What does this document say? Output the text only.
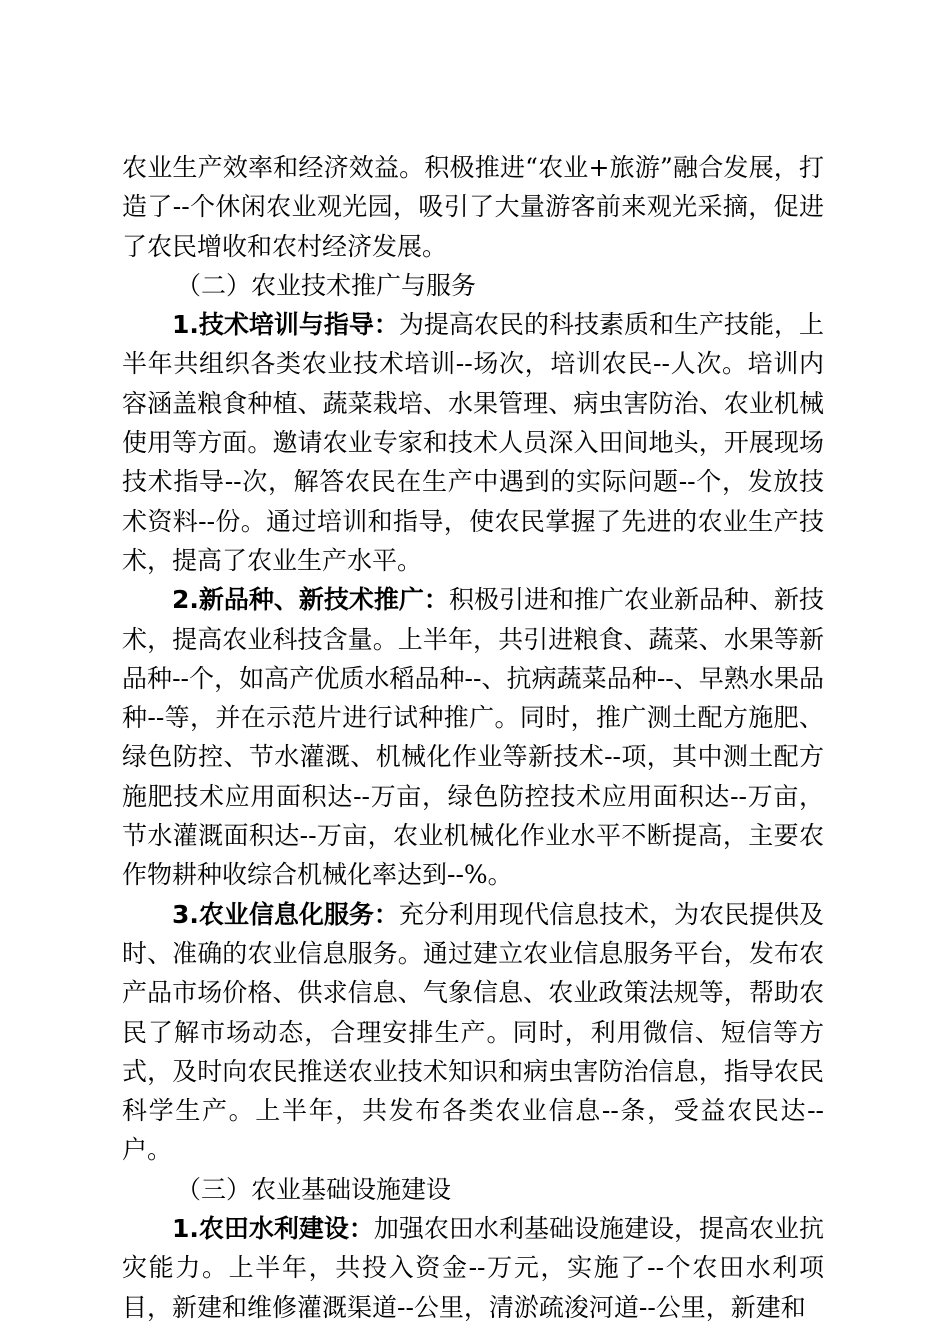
农业生产效率和经济效益。积极推进“农业+旅游”融合发展，打造了--个休闲农业观光园，吸引了大量游客前来观光采摘，促进了农民增收和农村经济发展。

（二）农业技术推广与服务

1.技术培训与指导：为提高农民的科技素质和生产技能，上半年共组织各类农业技术培训--场次，培训农民--人次。培训内容涵盖粮食种植、蔬菜栽培、水果管理、病虫害防治、农业机械使用等方面。邀请农业专家和技术人员深入田间地头，开展现场技术指导--次，解答农民在生产中遇到的实际问题--个，发放技术资料--份。通过培训和指导，使农民掌握了先进的农业生产技术，提高了农业生产水平。

2.新品种、新技术推广：积极引进和推广农业新品种、新技术，提高农业科技含量。上半年，共引进粮食、蔬菜、水果等新品种--个，如高产优质水稻品种--、抗病蔬菜品种--、早熟水果品种--等，并在示范片进行试种推广。同时，推广测土配方施肥、绿色防控、节水灌溉、机械化作业等新技术--项，其中测土配方施肥技术应用面积达--万亩，绿色防控技术应用面积达--万亩，节水灌溉面积达--万亩，农业机械化作业水平不断提高，主要农作物耕种收综合机械化率达到--%。

3.农业信息化服务：充分利用现代信息技术，为农民提供及时、准确的农业信息服务。通过建立农业信息服务平台，发布农产品市场价格、供求信息、气象信息、农业政策法规等，帮助农民了解市场动态，合理安排生产。同时，利用微信、短信等方式，及时向农民推送农业技术知识和病虫害防治信息，指导农民科学生产。上半年，共发布各类农业信息--条，受益农民达--户。

（三）农业基础设施建设

1.农田水利建设：加强农田水利基础设施建设，提高农业抗灾能力。上半年，共投入资金--万元，实施了--个农田水利项目，新建和维修灌溉渠道--公里，清淤疏浚河道--公里，新建和
